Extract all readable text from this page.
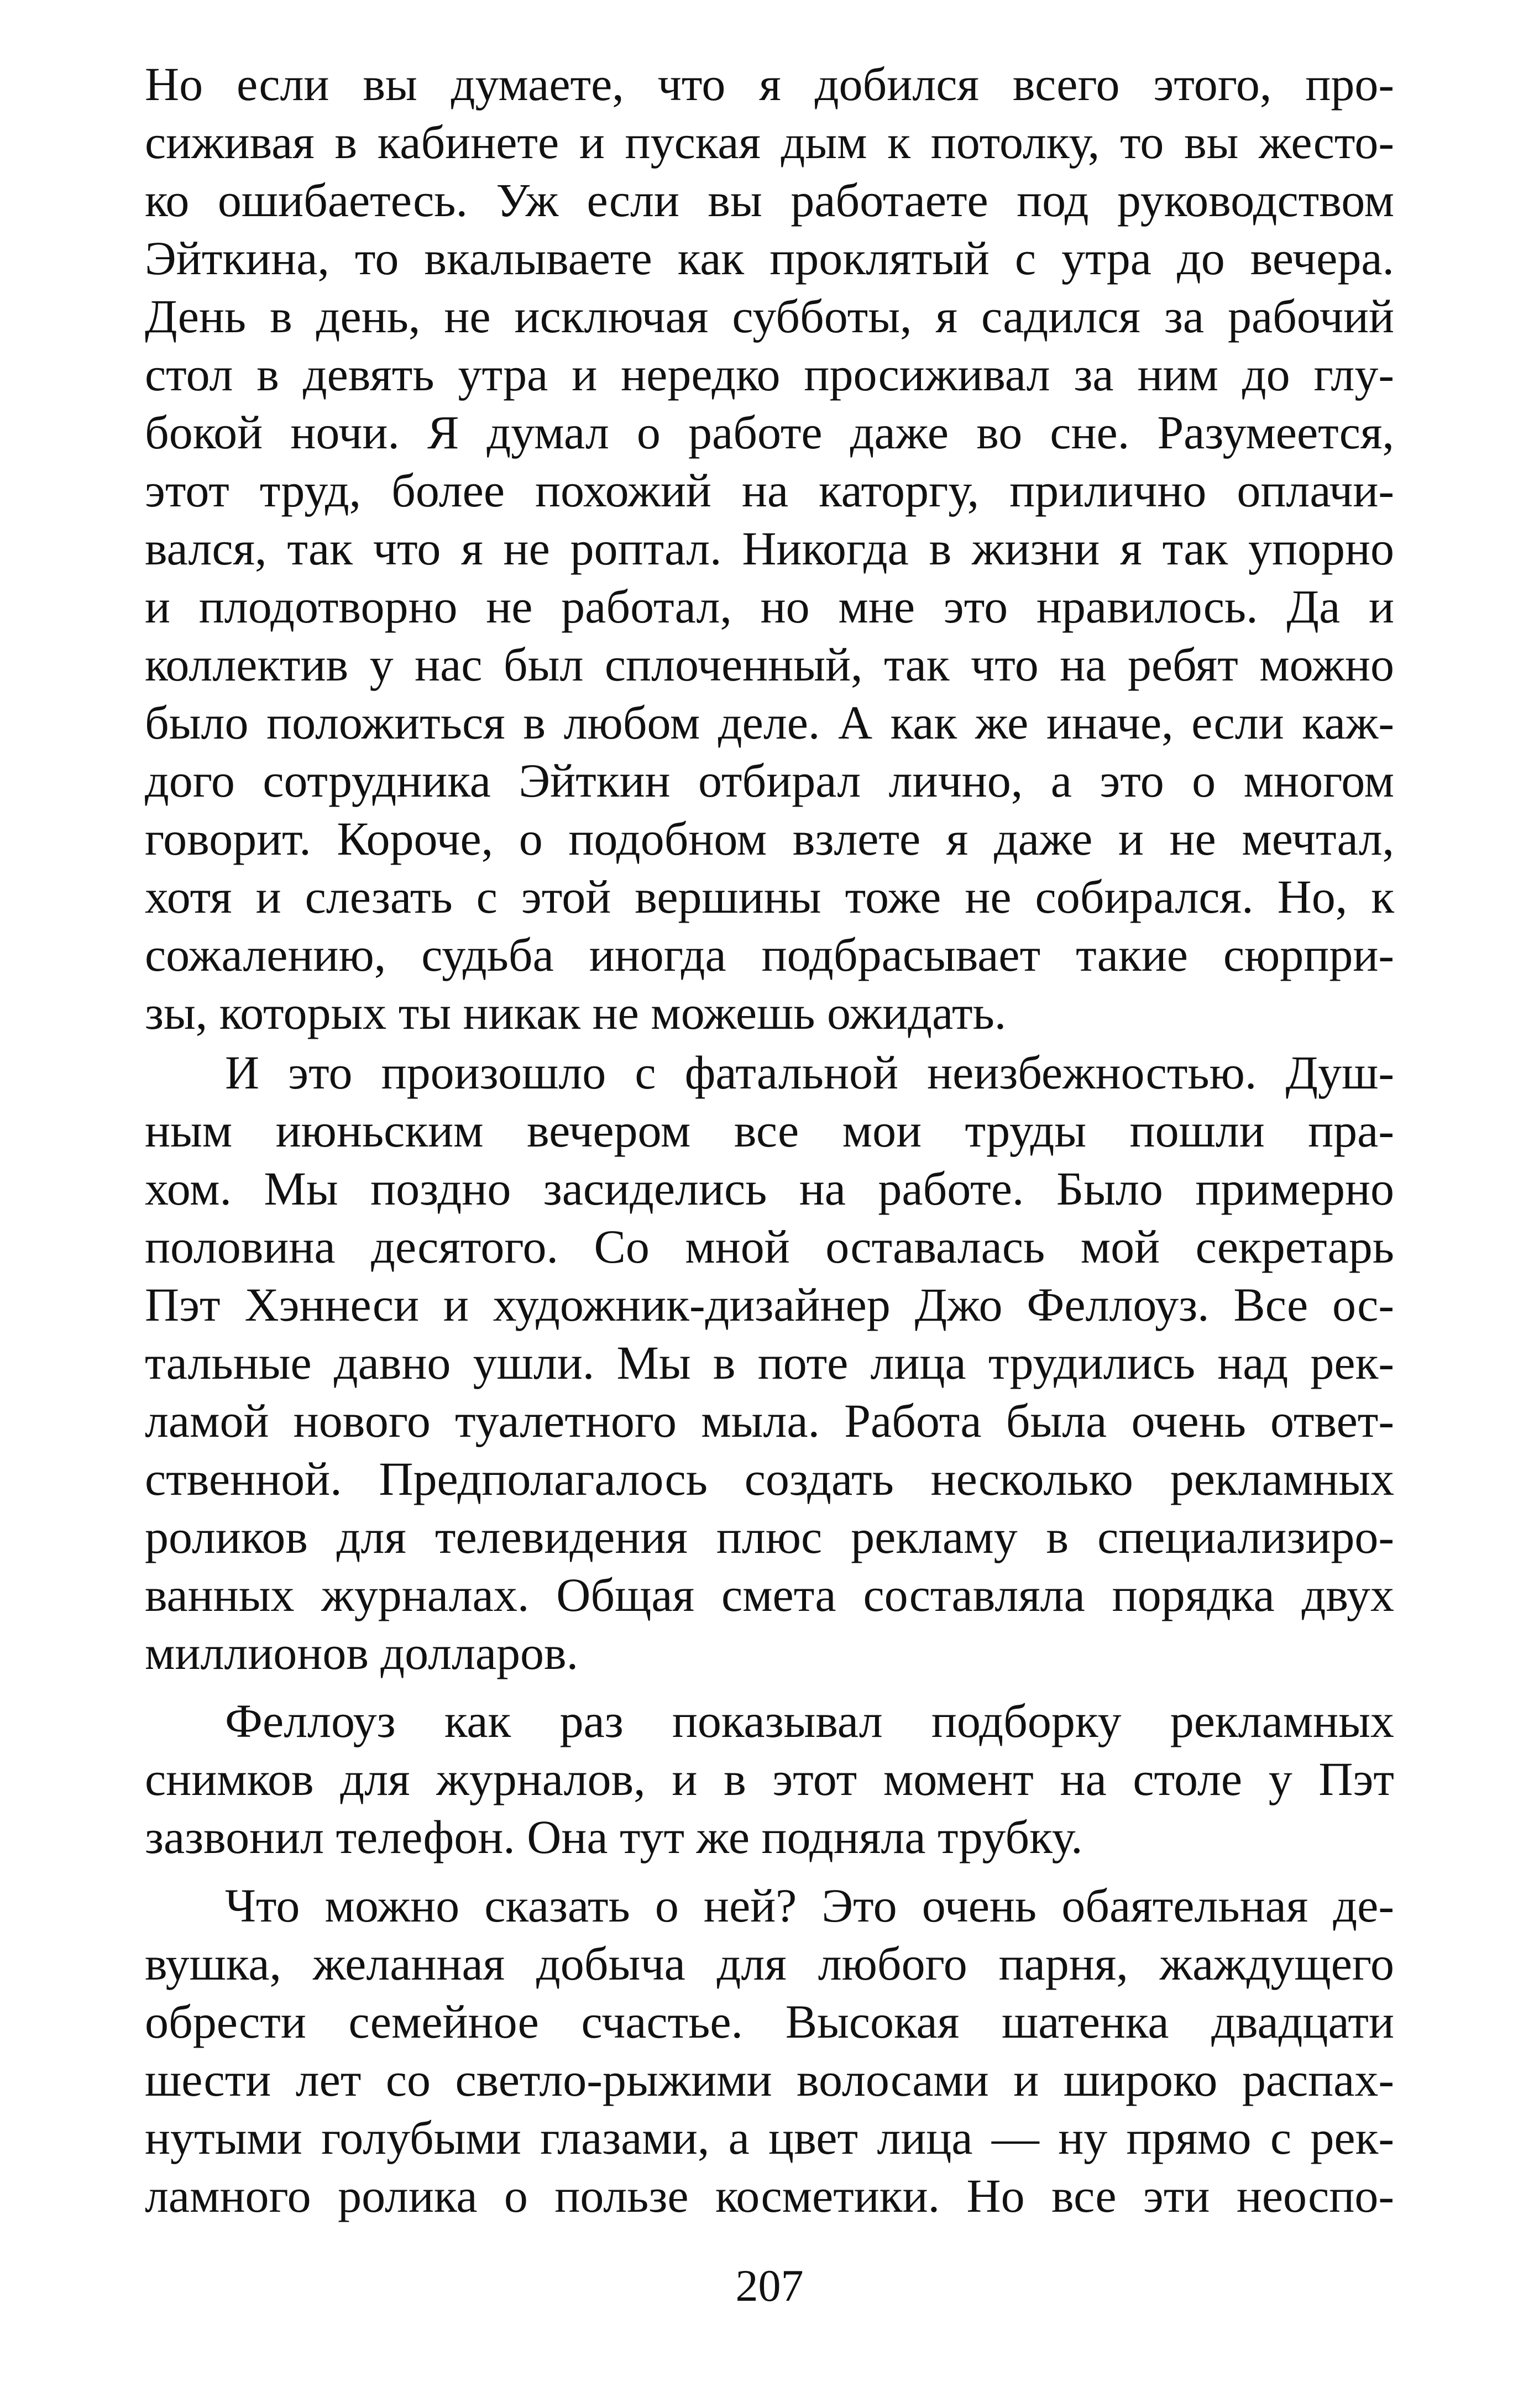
Но если вы думаете, что я добился всего этого, про-
сиживая в кабинете и пуская дым к потолку, то вы жесто-
ко ошибаетесь. Уж если вы работаете под руководством
Эйткина, то вкалываете как проклятый с утра до вечера.
День в день, не исключая субботы, я садился за рабочий
стол в девять утра и нередко просиживал за ним до глу-
бокой ночи. Я думал о работе даже во сне. Разумеется,
этот труд, более похожий на каторгу, прилично оплачи-
вался, так что я не роптал. Никогда в жизни я так упорно
и плодотворно не работал, но мне это нравилось. Да и
коллектив у нас был сплоченный, так что на ребят можно
было положиться в любом деле. А как же иначе, если каж-
дого сотрудника Эйткин отбирал лично, а это о многом
говорит. Короче, о подобном взлете я даже и не мечтал,
хотя и слезать с этой вершины тоже не собирался. Но, к
сожалению, судьба иногда подбрасывает такие сюрпри-
зы, которых ты никак не можешь ожидать.
И это произошло с фатальной неизбежностью. Душ-
ным июньским вечером все мои труды пошли пра-
хом. Мы поздно засиделись на работе. Было примерно
половина десятого. Со мной оставалась мой секретарь
Пэт Хэннеси и художник-дизайнер Джо Феллоуз. Все ос-
тальные давно ушли. Мы в поте лица трудились над рек-
ламой нового туалетного мыла. Работа была очень ответ-
ственной. Предполагалось создать несколько рекламных
роликов для телевидения плюс рекламу в специализиро-
ванных журналах. Общая смета составляла порядка двух
миллионов долларов.
Феллоуз как раз показывал подборку рекламных
снимков для журналов, и в этот момент на столе у Пэт
зазвонил телефон. Она тут же подняла трубку.
Что можно сказать о ней? Это очень обаятельная де-
вушка, желанная добыча для любого парня, жаждущего
обрести семейное счастье. Высокая шатенка двадцати
шести лет со светло-рыжими волосами и широко распах-
нутыми голубыми глазами, а цвет лица — ну прямо с рек-
ламного ролика о пользе косметики. Но все эти неоспо-
207
